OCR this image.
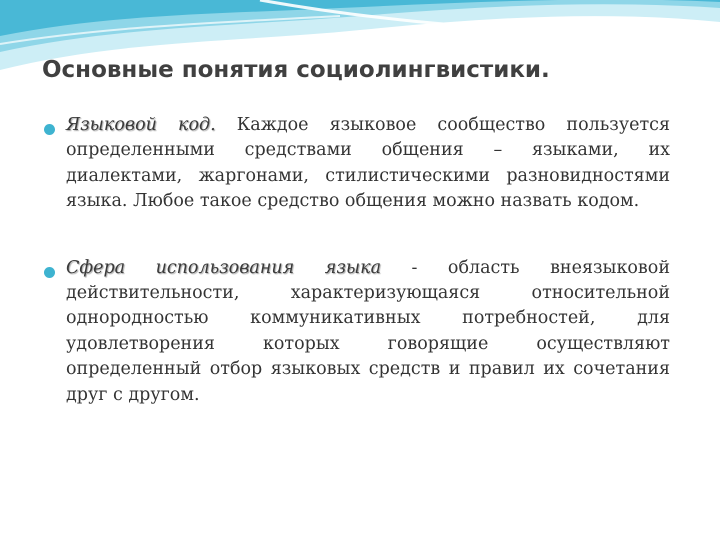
Основные понятия социолингвистики.

Языковой код. Каждое языковое сообщество пользуется определенными средствами общения – языками, их диалектами, жаргонами, стилистическими разновидностями языка. Любое такое средство общения можно назвать кодом.

Сфера использования языка - область внеязыковой действительности, характеризующаяся относительной однородностью коммуникативных потребностей, для удовлетворения которых говорящие осуществляют определенный отбор языковых средств и правил их сочетания друг с другом.
